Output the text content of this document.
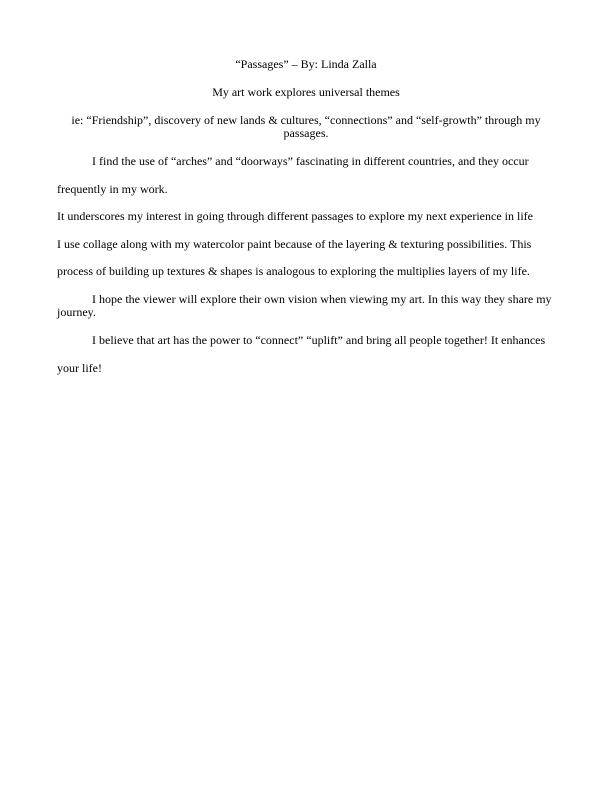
“Passages” – By: Linda Zalla
My art work explores universal themes
ie: “Friendship”, discovery of new lands & cultures, “connections” and “self-growth” through my passages.
I find the use of “arches” and “doorways” fascinating in different countries, and they occur
frequently in my work.
It underscores my interest in going through different passages to explore my next experience in life
I use collage along with my watercolor paint because of the layering & texturing possibilities. This
process of building up textures & shapes is analogous to exploring the multiplies layers of my life.
I hope the viewer will explore their own vision when viewing my art. In this way they share my journey.
I believe that art has the power to “connect” “uplift” and bring all people together! It enhances
your life!
